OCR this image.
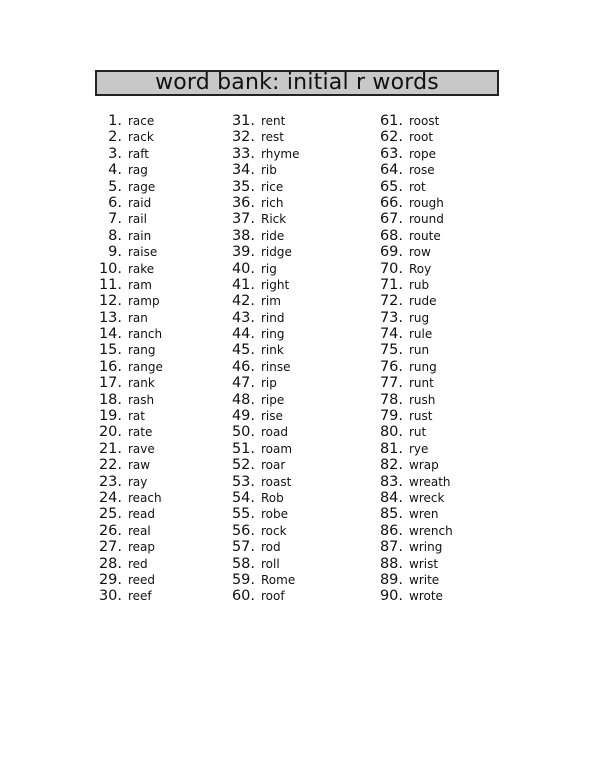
word bank: initial r words
1. race
2. rack
3. raft
4. rag
5. rage
6. raid
7. rail
8. rain
9. raise
10. rake
11. ram
12. ramp
13. ran
14. ranch
15. rang
16. range
17. rank
18. rash
19. rat
20. rate
21. rave
22. raw
23. ray
24. reach
25. read
26. real
27. reap
28. red
29. reed
30. reef
31. rent
32. rest
33. rhyme
34. rib
35. rice
36. rich
37. Rick
38. ride
39. ridge
40. rig
41. right
42. rim
43. rind
44. ring
45. rink
46. rinse
47. rip
48. ripe
49. rise
50. road
51. roam
52. roar
53. roast
54. Rob
55. robe
56. rock
57. rod
58. roll
59. Rome
60. roof
61. roost
62. root
63. rope
64. rose
65. rot
66. rough
67. round
68. route
69. row
70. Roy
71. rub
72. rude
73. rug
74. rule
75. run
76. rung
77. runt
78. rush
79. rust
80. rut
81. rye
82. wrap
83. wreath
84. wreck
85. wren
86. wrench
87. wring
88. wrist
89. write
90. wrote
